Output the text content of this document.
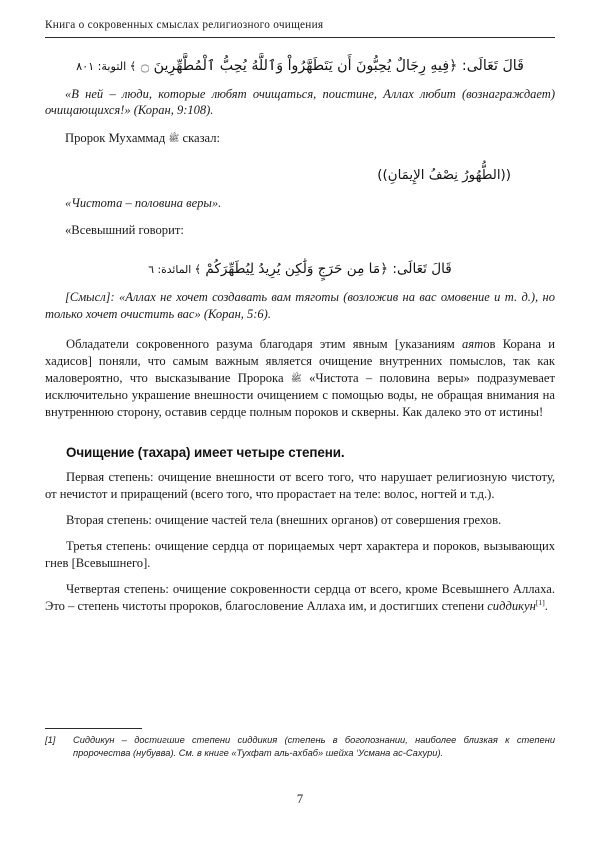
Книга о сокровенных смыслах религиозного очищения
قَالَ تَعَالَى: ﴿فِيهِ رِجَالٌ يُحِبُّونَ أَن يَتَطَهَّرُواْ وَٱللَّهُ يُحِبُّ ٱلْمُطَّهِّرِينَ ۝ ﴾ التوبة: ١٠٨
«В ней – люди, которые любят очищаться, поистине, Аллах любит (вознаграждает) очищающихся!» (Коран, 9:108).
Пророк Мухаммад ﷺ сказал:
((الطُّهُورُ نِصْفُ الإِيمَانِ))
«Чистота – половина веры».
«Всевышний говорит:
قَالَ تَعَالَى: ﴿مَا مِن حَرَجٍ وَلَٰكِن يُرِيدُ لِيُطَهِّرَكُمْ ﴾ المائدة: ٦
[Смысл]: «Аллах не хочет создавать вам тяготы (возложив на вас омовение и т. д.), но только хочет очистить вас» (Коран, 5:6).
Обладатели сокровенного разума благодаря этим явным [указаниям аятов Корана и хадисов] поняли, что самым важным является очищение внутренних помыслов, так как маловероятно, что высказывание Пророка ﷺ «Чистота – половина веры» подразумевает исключительно украшение внешности очищением с помощью воды, не обращая внимания на внутреннюю сторону, оставив сердце полным пороков и скверны. Как далеко это от истины!
Очищение (тахара) имеет четыре степени.
Первая степень: очищение внешности от всего того, что нарушает религиозную чистоту, от нечистот и приращений (всего того, что прорастает на теле: волос, ногтей и т.д.).
Вторая степень: очищение частей тела (внешних органов) от совершения грехов.
Третья степень: очищение сердца от порицаемых черт характера и пороков, вызывающих гнев [Всевышнего].
Четвертая степень: очищение сокровенности сердца от всего, кроме Всевышнего Аллаха. Это – степень чистоты пророков, благословение Аллаха им, и достигших степени сиддикун[1].
[1] Сиддикун – достигшие степени сиддикия (степень в богопознании, наиболее близкая к степени пророчества (нубувва). См. в книге «Тухфат аль-ахбаб» шейха ‘Усмана ас-Сахури).
7
